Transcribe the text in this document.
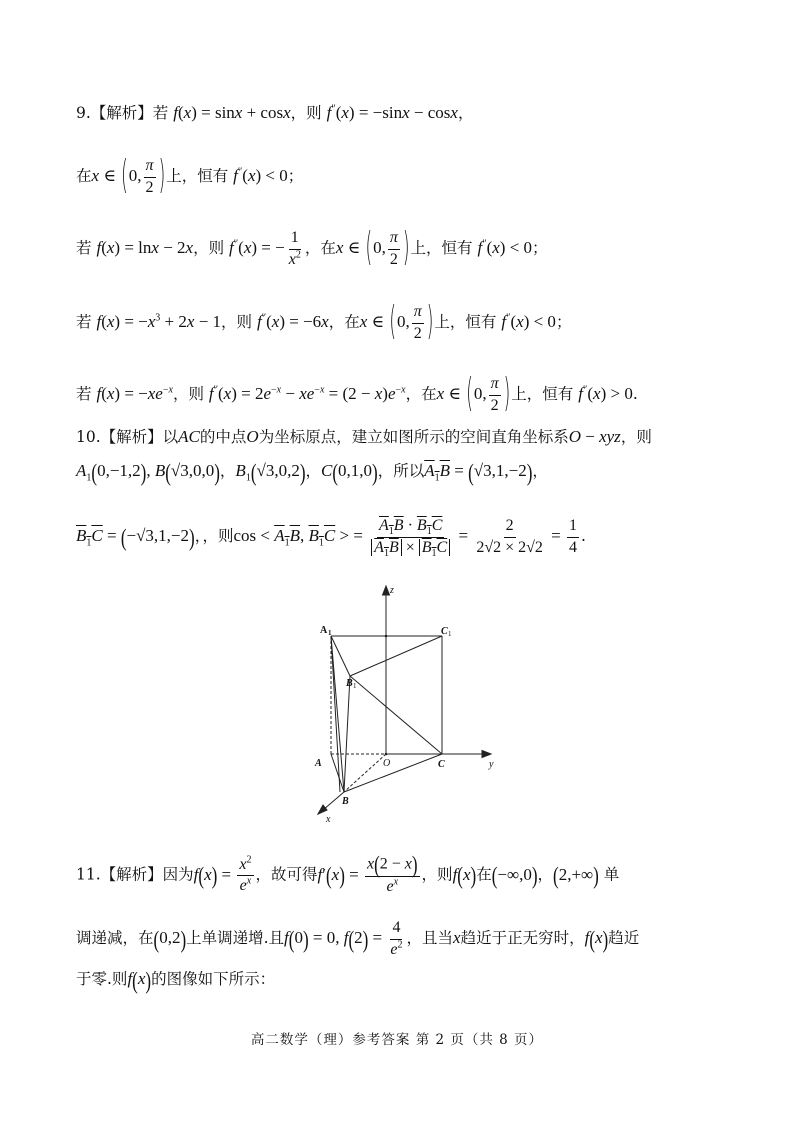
9.【解析】若 f(x) = sinx + cosx，则 f′′(x) = −sinx − cosx，
在x ∈ (0, $\frac{\pi}{2}$ )上，恒有 f′′(x) < 0；
若 f(x) = lnx − 2x，则 f′′(x) = − $\frac{1}{x^2}$ ，在x ∈ (0, $\frac{\pi}{2}$ )上，恒有 f′′(x) < 0；
若 $f(x) = -x^3 + 2x - 1$，则 f′′(x) = −6x，在x ∈ (0, $\frac{\pi}{2}$ )上，恒有 f′′(x) < 0；
若 $f(x) = -xe^{-x}$，则 $f''(x) = 2e^{-x} - xe^{-x} = (2 - x)e^{-x}$，在x ∈ (0, $\frac{\pi}{2}$ )上，恒有 f′′(x) > 0.
10.【解析】以AC的中点O为坐标原点，建立如图所示的空间直角坐标系O − xyz，则
$A_1(0,-1,2)$, B(√3,0,0)，$B_1(√3,0,2)$，C(0,1,0)，所以$A_1B = (√3,1,-2)$，
$B_1C = (-√3,1,-2)$，，则$\cos < A_1B$, $B_1C$ > = $\frac{A_1B \cdot B_1C}{A_1B \times B_1C} = \frac{2}{2√2 \times 2√2} = \frac{1}{4}$ .
z
y
x
A 1	C 1
B 1
A	O	C
B
11.【解析】因为$f(x) = \frac{x^2}{e^x}$ ，故可得$f'(x) = \frac{x(2 - x)}{e^x}$ ，则f(x)在(−∞,0)，(2,+∞) 单
调递减，在(0,2)上单调递增.且f(0) = 0, $f(2) = \frac{4}{e^2}$ ，且当x趋近于正无穷时，f(x)趋近
于零.则f(x)的图像如下所示：
高二数学（理）参考答案 第 2 页（共 8 页）
